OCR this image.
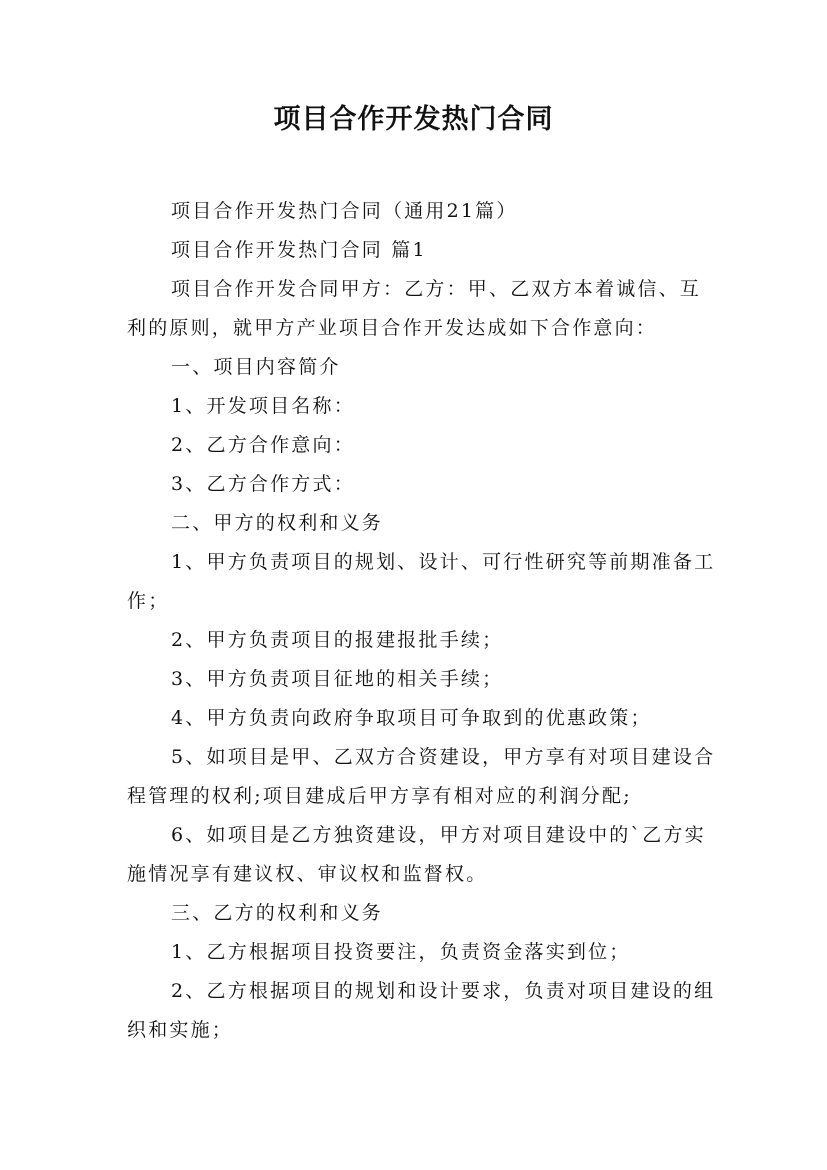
项目合作开发热门合同

项目合作开发热门合同（通用21篇）

项目合作开发热门合同 篇1

项目合作开发合同甲方：乙方：甲、乙双方本着诚信、互利的原则，就甲方产业项目合作开发达成如下合作意向：

一、项目内容简介

1、开发项目名称：

2、乙方合作意向：

3、乙方合作方式：

二、甲方的权利和义务

1、甲方负责项目的规划、设计、可行性研究等前期准备工作；

2、甲方负责项目的报建报批手续；

3、甲方负责项目征地的相关手续；

4、甲方负责向政府争取项目可争取到的优惠政策；

5、如项目是甲、乙双方合资建设，甲方享有对项目建设合程管理的权利;项目建成后甲方享有相对应的利润分配;

6、如项目是乙方独资建设，甲方对项目建设中的`乙方实施情况享有建议权、审议权和监督权。

三、乙方的权利和义务

1、乙方根据项目投资要注，负责资金落实到位；

2、乙方根据项目的规划和设计要求，负责对项目建设的组织和实施；
